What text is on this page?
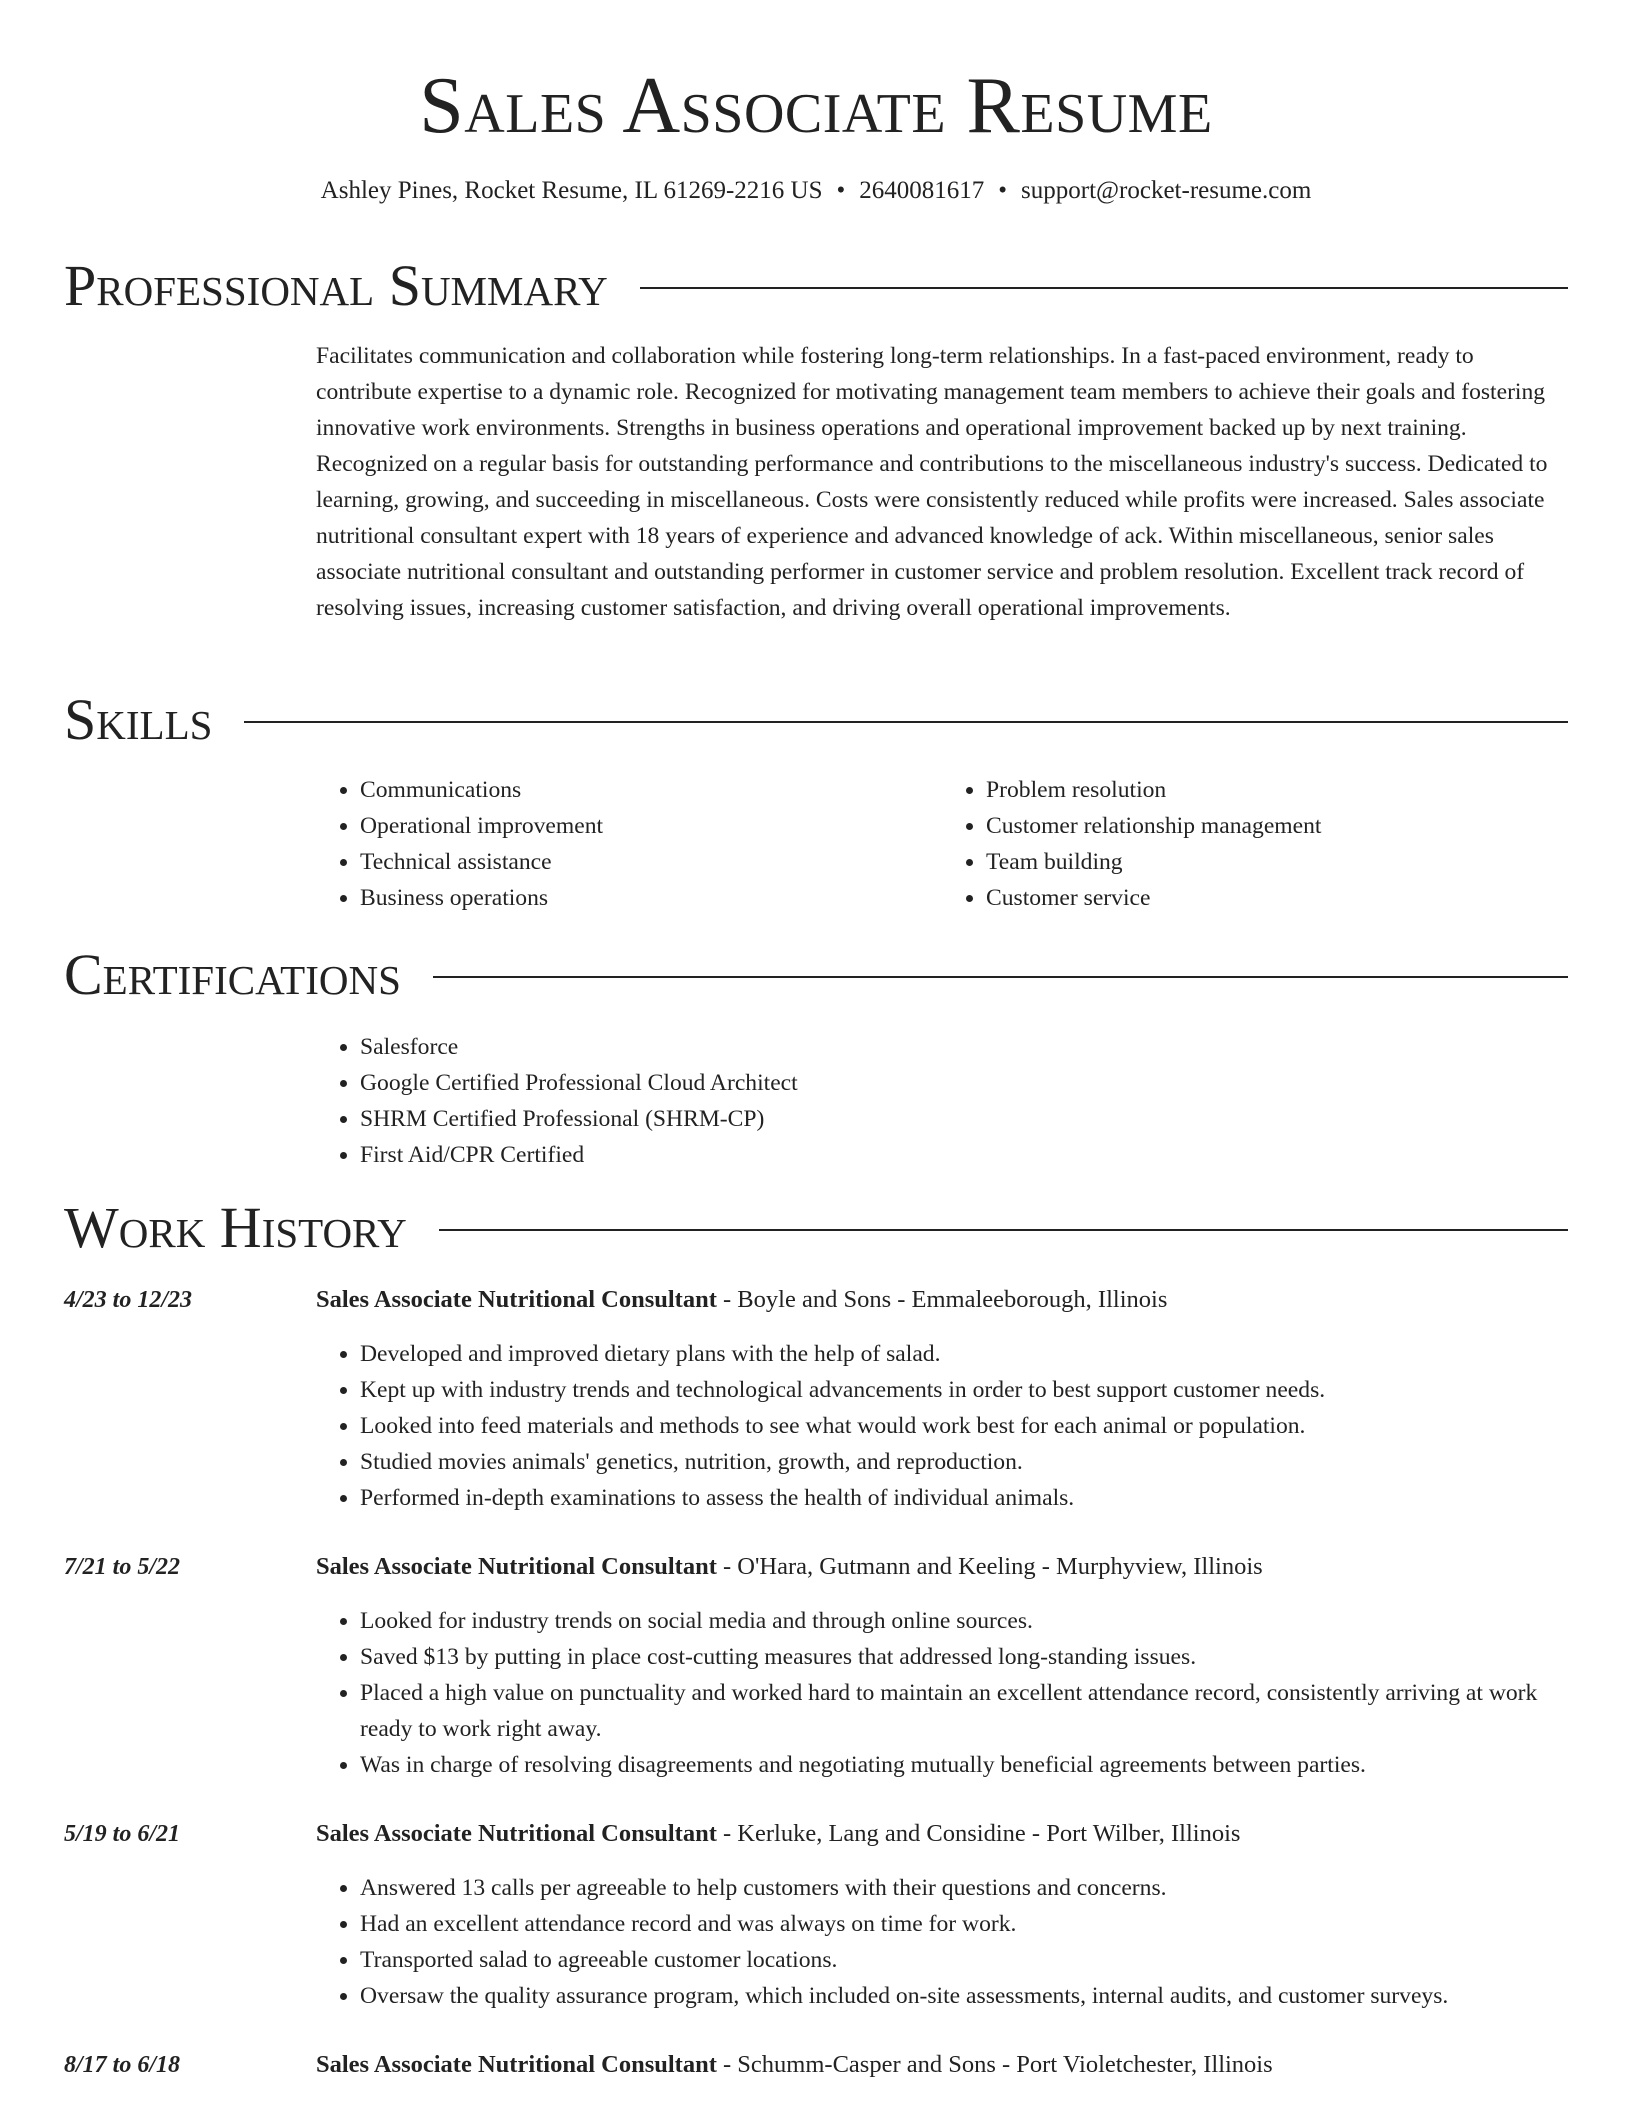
Sales Associate Resume
Ashley Pines, Rocket Resume, IL 61269-2216 US • 2640081617 • support@rocket-resume.com
Professional Summary

Facilitates communication and collaboration while fostering long-term relationships. In a fast-paced environment, ready to contribute expertise to a dynamic role. Recognized for motivating management team members to achieve their goals and fostering innovative work environments. Strengths in business operations and operational improvement backed up by next training. Recognized on a regular basis for outstanding performance and contributions to the miscellaneous industry's success. Dedicated to learning, growing, and succeeding in miscellaneous. Costs were consistently reduced while profits were increased. Sales associate nutritional consultant expert with 18 years of experience and advanced knowledge of ack. Within miscellaneous, senior sales associate nutritional consultant and outstanding performer in customer service and problem resolution. Excellent track record of resolving issues, increasing customer satisfaction, and driving overall operational improvements.

Skills
• Communications
• Operational improvement
• Technical assistance
• Business operations
• Problem resolution
• Customer relationship management
• Team building
• Customer service
Certifications
• Salesforce
• Google Certified Professional Cloud Architect
• SHRM Certified Professional (SHRM-CP)
• First Aid/CPR Certified
Work History
4/23 to 12/23	Sales Associate Nutritional Consultant - Boyle and Sons - Emmaleeborough, Illinois
• Developed and improved dietary plans with the help of salad.
• Kept up with industry trends and technological advancements in order to best support customer needs.
• Looked into feed materials and methods to see what would work best for each animal or population.
• Studied movies animals' genetics, nutrition, growth, and reproduction.
• Performed in-depth examinations to assess the health of individual animals.
7/21 to 5/22	Sales Associate Nutritional Consultant - O'Hara, Gutmann and Keeling - Murphyview, Illinois
• Looked for industry trends on social media and through online sources.
• Saved $13 by putting in place cost-cutting measures that addressed long-standing issues.
• Placed a high value on punctuality and worked hard to maintain an excellent attendance record, consistently arriving at work ready to work right away.
• Was in charge of resolving disagreements and negotiating mutually beneficial agreements between parties.
5/19 to 6/21	Sales Associate Nutritional Consultant - Kerluke, Lang and Considine - Port Wilber, Illinois
• Answered 13 calls per agreeable to help customers with their questions and concerns.
• Had an excellent attendance record and was always on time for work.
• Transported salad to agreeable customer locations.
• Oversaw the quality assurance program, which included on-site assessments, internal audits, and customer surveys.
8/17 to 6/18	Sales Associate Nutritional Consultant - Schumm-Casper and Sons - Port Violetchester, Illinois
